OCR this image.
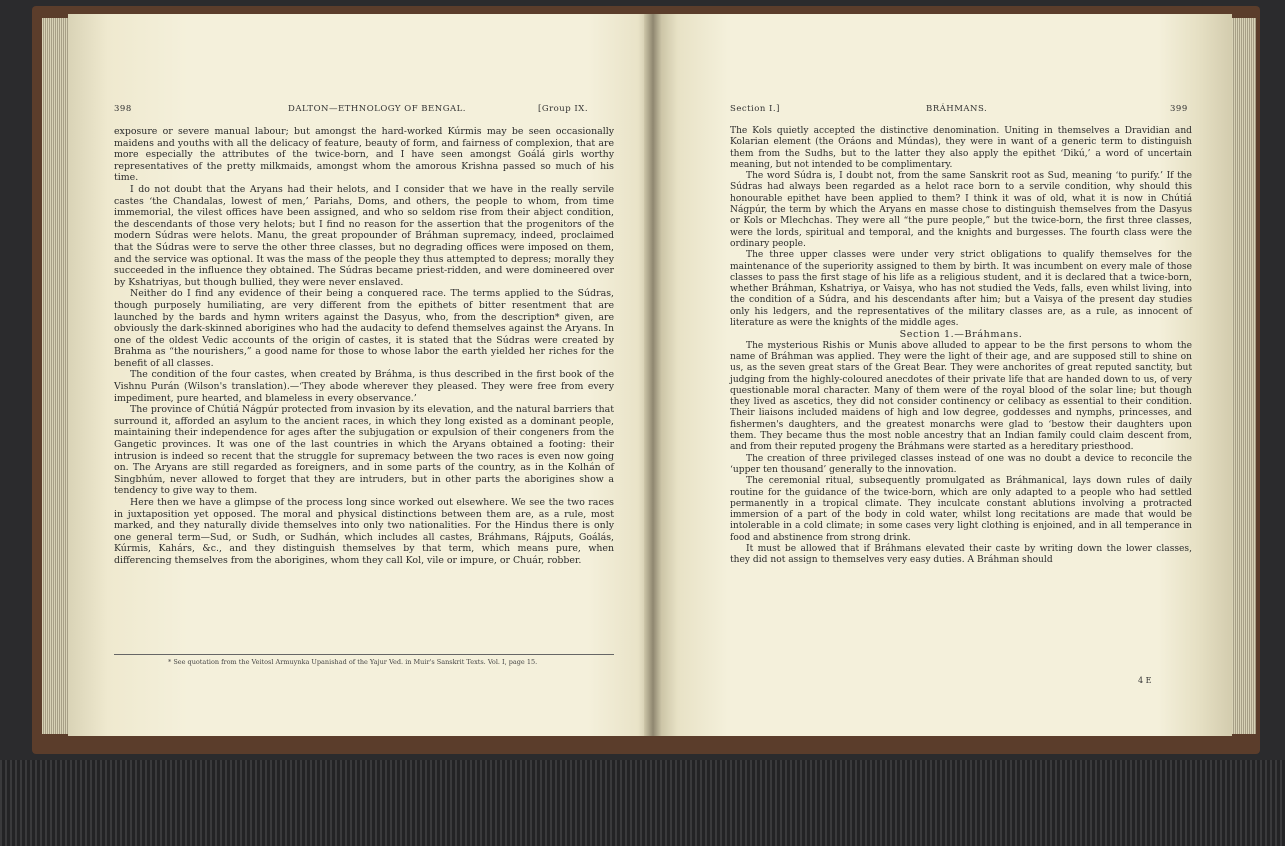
398	DALTON—ETHNOLOGY OF BENGAL.	[Group IX.

exposure or severe manual labour; but amongst the hard-worked Kúrmis may be seen occasionally maidens and youths with all the delicacy of feature, beauty of form, and fairness of complexion, that are more especially the attributes of the twice-born, and I have seen amongst Goálá girls worthy representatives of the pretty milkmaids, amongst whom the amorous Krishna passed so much of his time.

I do not doubt that the Aryans had their helots, and I consider that we have in the really servile castes ‘the Chandalas, lowest of men,’ Pariahs, Doms, and others, the people to whom, from time immemorial, the vilest offices have been assigned, and who so seldom rise from their abject condition, the descendants of those very helots; but I find no reason for the assertion that the progenitors of the modern Súdras were helots. Manu, the great propounder of Bráhman supremacy, indeed, proclaimed that the Súdras were to serve the other three classes, but no degrading offices were imposed on them, and the service was optional. It was the mass of the people they thus attempted to depress; morally they succeeded in the influence they obtained. The Súdras became priest-ridden, and were domineered over by Kshatriyas, but though bullied, they were never enslaved.

Neither do I find any evidence of their being a conquered race. The terms applied to the Súdras, though purposely humiliating, are very different from the epithets of bitter resentment that are launched by the bards and hymn writers against the Dasyus, who, from the description* given, are obviously the dark-skinned aborigines who had the audacity to defend themselves against the Aryans. In one of the oldest Vedic accounts of the origin of castes, it is stated that the Súdras were created by Brahma as “the nourishers,” a good name for those to whose labor the earth yielded her riches for the benefit of all classes.

The condition of the four castes, when created by Bráhma, is thus described in the first book of the Vishnu Purán (Wilson's translation).—‘They abode wherever they pleased. They were free from every impediment, pure hearted, and blameless in every observance.’

The province of Chútiá Nágpúr protected from invasion by its elevation, and the natural barriers that surround it, afforded an asylum to the ancient races, in which they long existed as a dominant people, maintaining their independence for ages after the subjugation or expulsion of their congeners from the Gangetic provinces. It was one of the last countries in which the Aryans obtained a footing: their intrusion is indeed so recent that the struggle for supremacy between the two races is even now going on. The Aryans are still regarded as foreigners, and in some parts of the country, as in the Kolhán of Singbhúm, never allowed to forget that they are intruders, but in other parts the aborigines show a tendency to give way to them.

Here then we have a glimpse of the process long since worked out elsewhere. We see the two races in juxtaposition yet opposed. The moral and physical distinctions between them are, as a rule, most marked, and they naturally divide themselves into only two nationalities. For the Hindus there is only one general term—Sud, or Sudh, or Sudhán, which includes all castes, Bráhmans, Rájputs, Goálás, Kúrmis, Kahárs, &c., and they distinguish themselves by that term, which means pure, when differencing themselves from the aborigines, whom they call Kol, vile or impure, or Chuár, robber.

* See quotation from the Veitosl Armuynka Upanishad of the Yajur Ved. in Muir's Sanskrit Texts. Vol. I, page 15.
Section I.]	BRÁHMANS.	399

The Kols quietly accepted the distinctive denomination. Uniting in themselves a Dravidian and Kolarian element (the Oráons and Múndas), they were in want of a generic term to distinguish them from the Sudhs, but to the latter they also apply the epithet ‘Dikú,’ a word of uncertain meaning, but not intended to be complimentary.

The word Súdra is, I doubt not, from the same Sanskrit root as Sud, meaning ‘to purify.’ If the Súdras had always been regarded as a helot race born to a servile condition, why should this honourable epithet have been applied to them? I think it was of old, what it is now in Chútiá Nágpúr, the term by which the Aryans en masse chose to distinguish themselves from the Dasyus or Kols or Mlechchas. They were all “the pure people,” but the twice-born, the first three classes, were the lords, spiritual and temporal, and the knights and burgesses. The fourth class were the ordinary people.

The three upper classes were under very strict obligations to qualify themselves for the maintenance of the superiority assigned to them by birth. It was incumbent on every male of those classes to pass the first stage of his life as a religious student, and it is declared that a twice-born, whether Bráhman, Kshatriya, or Vaisya, who has not studied the Veds, falls, even whilst living, into the condition of a Súdra, and his descendants after him; but a Vaisya of the present day studies only his ledgers, and the representatives of the military classes are, as a rule, as innocent of literature as were the knights of the middle ages.

Section 1.—Bráhmans.

The mysterious Rishis or Munis above alluded to appear to be the first persons to whom the name of Bráhman was applied. They were the light of their age, and are supposed still to shine on us, as the seven great stars of the Great Bear. They were anchorites of great reputed sanctity, but judging from the highly-coloured anecdotes of their private life that are handed down to us, of very questionable moral character. Many of them were of the royal blood of the solar line; but though they lived as ascetics, they did not consider continency or celibacy as essential to their condition. Their liaisons included maidens of high and low degree, goddesses and nymphs, princesses, and fishermen's daughters, and the greatest monarchs were glad to ‘bestow their daughters upon them. They became thus the most noble ancestry that an Indian family could claim descent from, and from their reputed progeny the Bráhmans were started as a hereditary priesthood.

The creation of three privileged classes instead of one was no doubt a device to reconcile the ‘upper ten thousand’ generally to the innovation.

The ceremonial ritual, subsequently promulgated as Bráhmanical, lays down rules of daily routine for the guidance of the twice-born, which are only adapted to a people who had settled permanently in a tropical climate. They inculcate constant ablutions involving a protracted immersion of a part of the body in cold water, whilst long recitations are made that would be intolerable in a cold climate; in some cases very light clothing is enjoined, and in all temperance in food and abstinence from strong drink.

It must be allowed that if Bráhmans elevated their caste by writing down the lower classes, they did not assign to themselves very easy duties. A Bráhman should

4 E
